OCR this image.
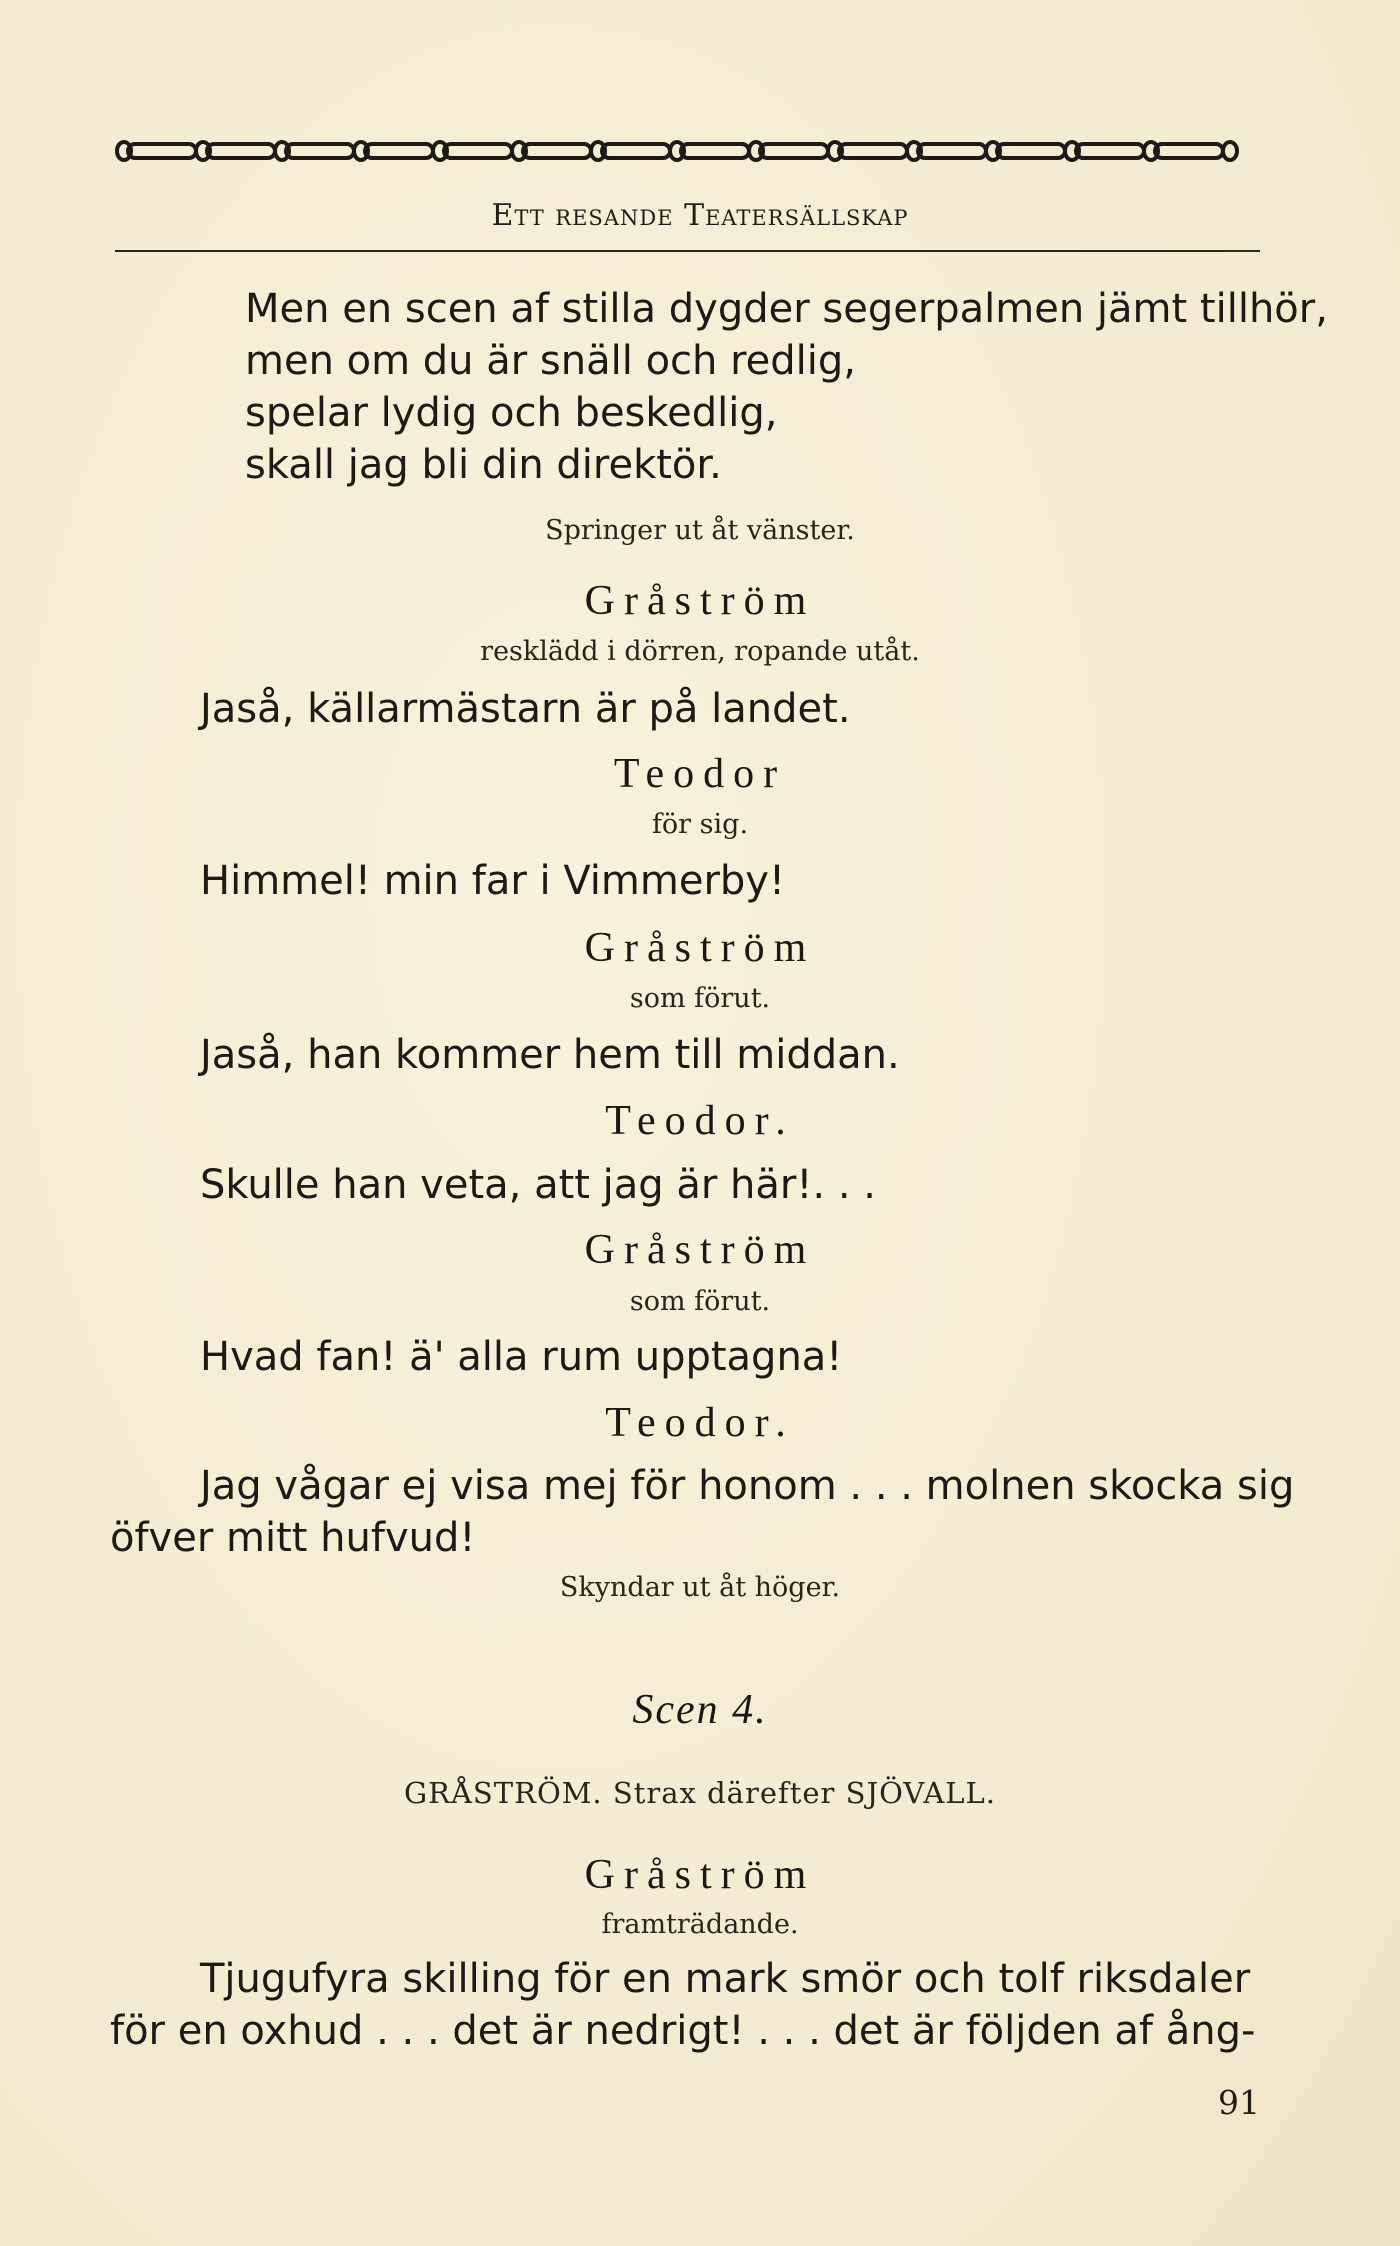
Ett resande Teatersällskap
Men en scen af stilla dygder segerpalmen jämt tillhör,
men om du är snäll och redlig,
spelar lydig och beskedlig,
skall jag bli din direktör.
Springer ut åt vänster.
Gråström
resklädd i dörren, ropande utåt.
Jaså, källarmästarn är på landet.
Teodor
för sig.
Himmel! min far i Vimmerby!
Gråström
som förut.
Jaså, han kommer hem till middan.
Teodor.
Skulle han veta, att jag är här!. . .
Gråström
som förut.
Hvad fan! ä' alla rum upptagna!
Teodor.
Jag vågar ej visa mej för honom . . . molnen skocka sig
öfver mitt hufvud!
Skyndar ut åt höger.
Scen 4.
GRÅSTRÖM. Strax därefter SJÖVALL.
Gråström
framträdande.
Tjugufyra skilling för en mark smör och tolf riksdaler
för en oxhud . . . det är nedrigt! . . . det är följden af ång-
91
